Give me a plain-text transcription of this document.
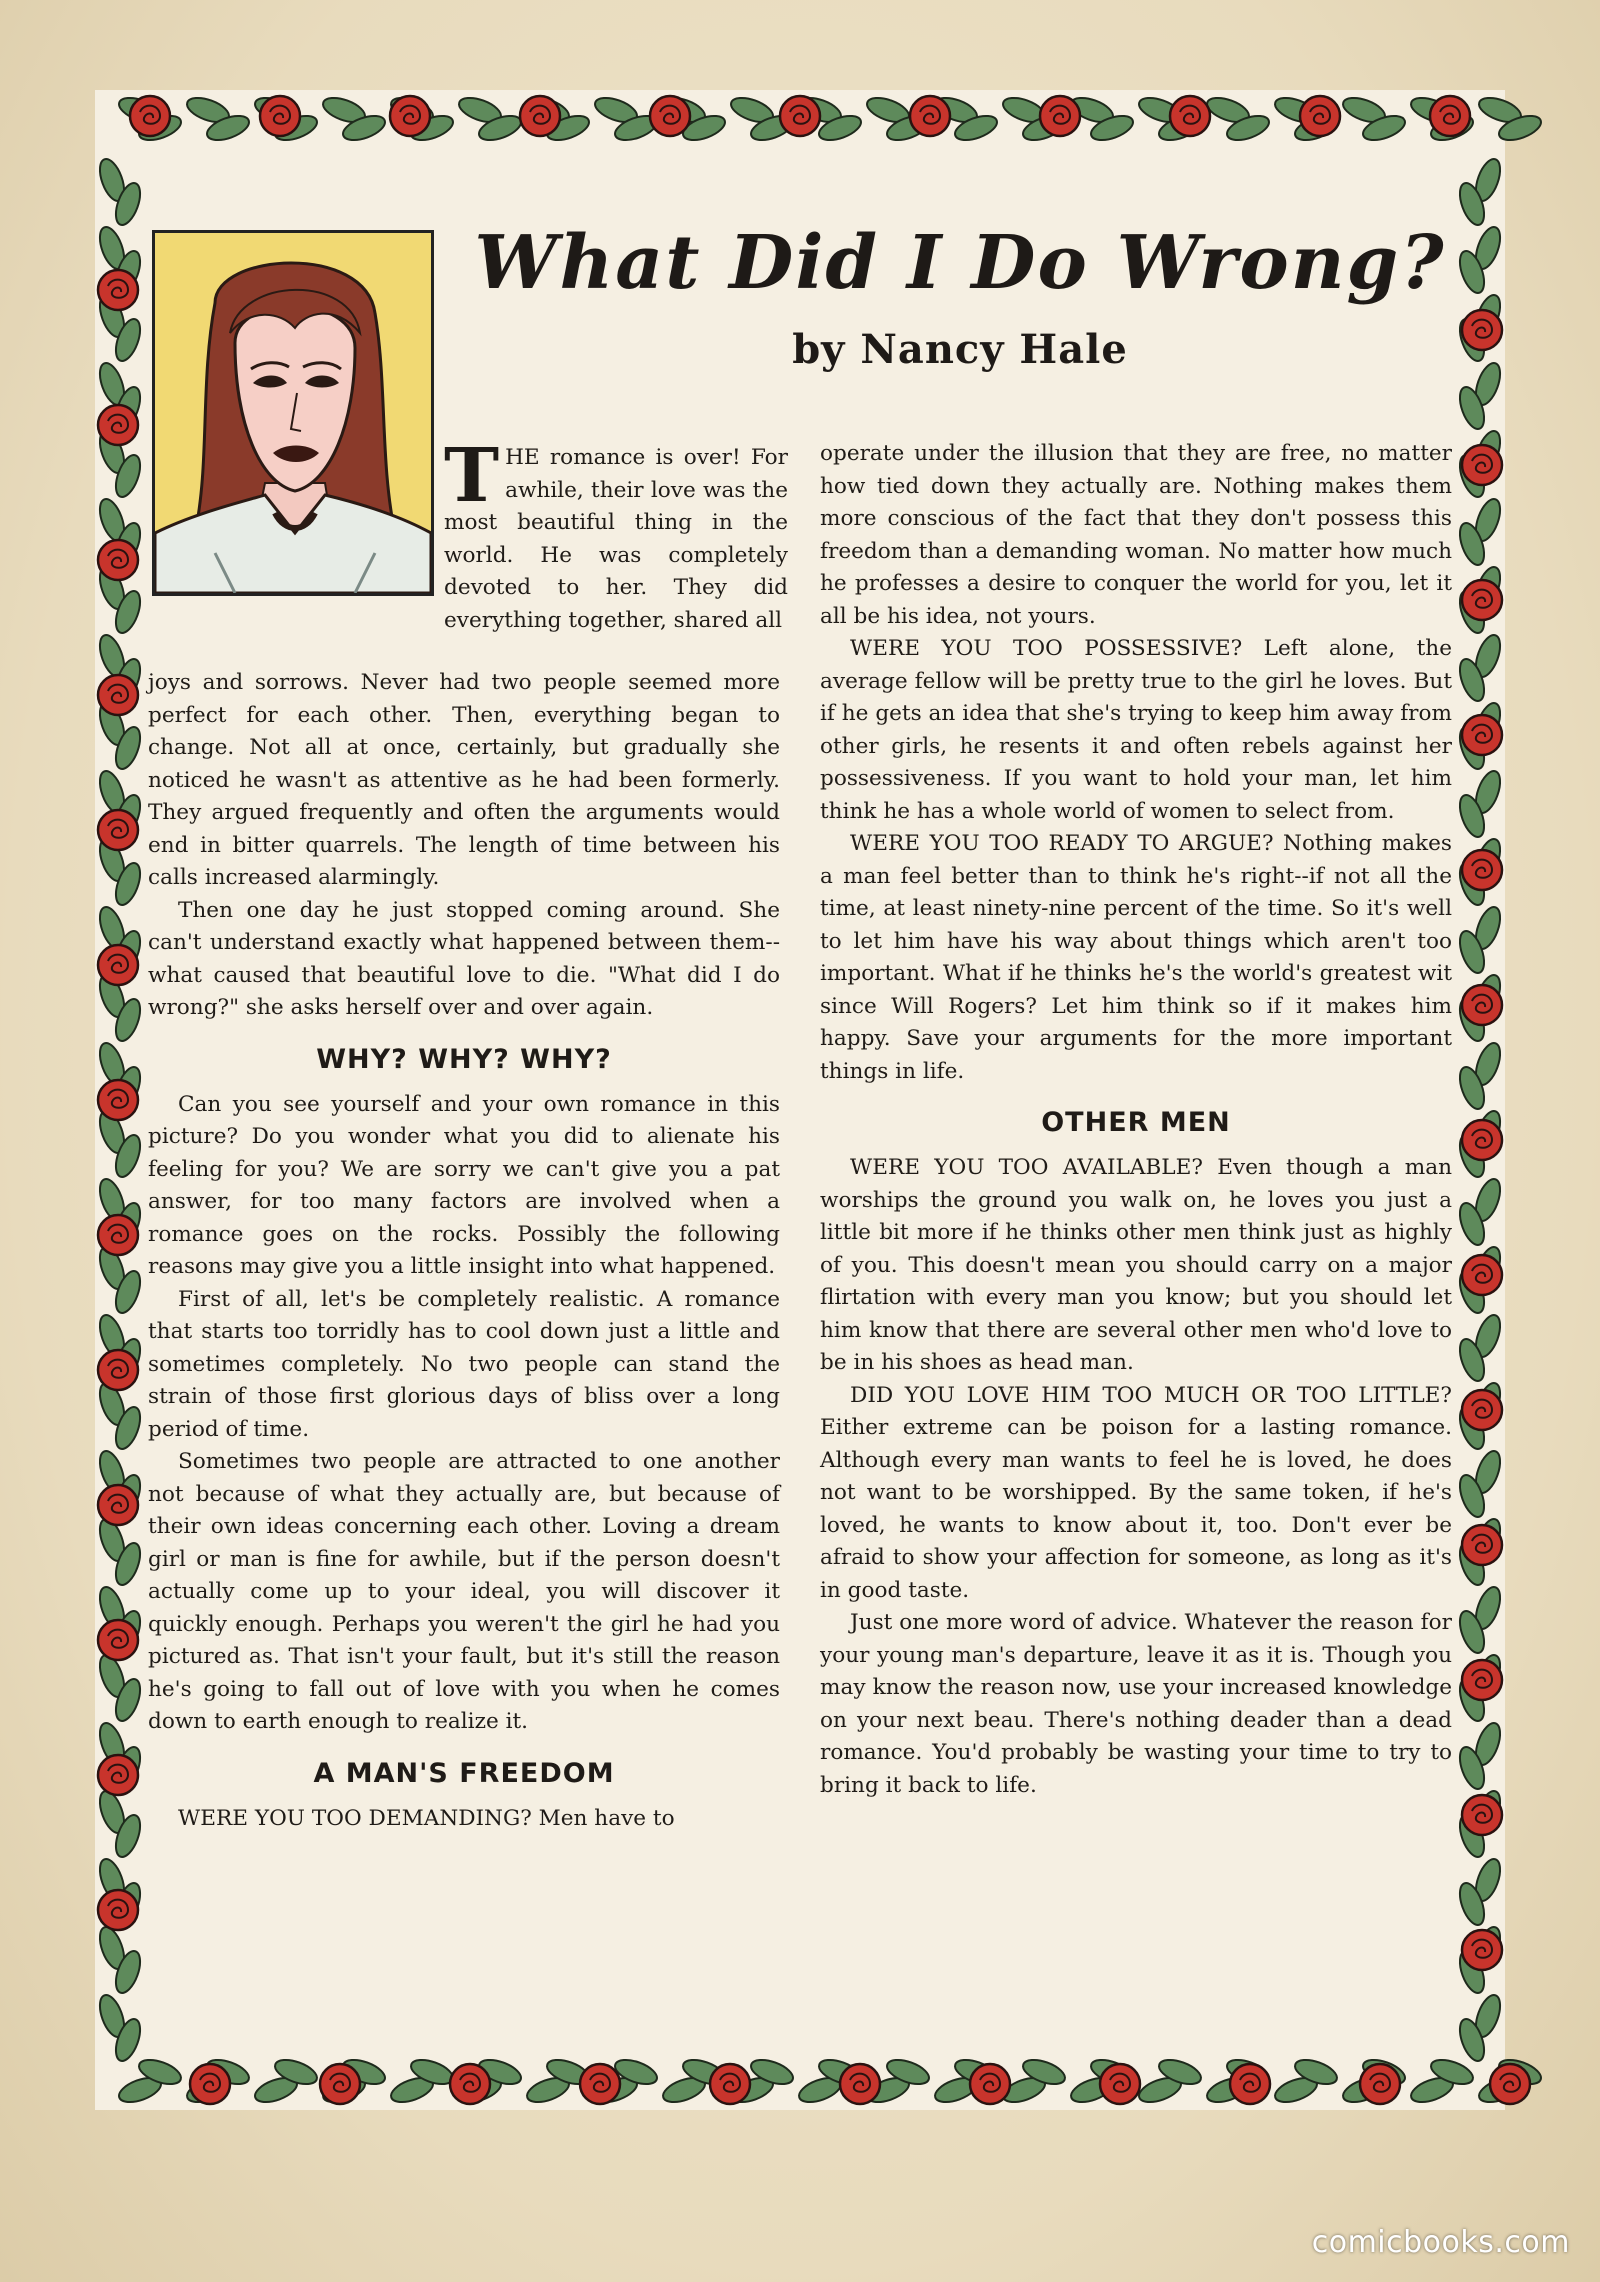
What Did I Do Wrong?
by Nancy Hale

THE romance is over! For awhile, their love was the most beautiful thing in the world. He was completely devoted to her. They did everything together, shared all

joys and sorrows. Never had two people seemed more perfect for each other. Then, everything began to change. Not all at once, certainly, but gradually she noticed he wasn't as attentive as he had been formerly. They argued frequently and often the arguments would end in bitter quarrels. The length of time between his calls increased alarmingly.

Then one day he just stopped coming around. She can't understand exactly what happened between them--what caused that beautiful love to die. "What did I do wrong?" she asks herself over and over again.

WHY? WHY? WHY?

Can you see yourself and your own romance in this picture? Do you wonder what you did to alienate his feeling for you? We are sorry we can't give you a pat answer, for too many factors are involved when a romance goes on the rocks. Possibly the following reasons may give you a little insight into what happened.

First of all, let's be completely realistic. A romance that starts too torridly has to cool down just a little and sometimes completely. No two people can stand the strain of those first glorious days of bliss over a long period of time.

Sometimes two people are attracted to one another not because of what they actually are, but because of their own ideas concerning each other. Loving a dream girl or man is fine for awhile, but if the person doesn't actually come up to your ideal, you will discover it quickly enough. Perhaps you weren't the girl he had you pictured as. That isn't your fault, but it's still the reason he's going to fall out of love with you when he comes down to earth enough to realize it.

A MAN'S FREEDOM

WERE YOU TOO DEMANDING? Men have to

operate under the illusion that they are free, no matter how tied down they actually are. Nothing makes them more conscious of the fact that they don't possess this freedom than a demanding woman. No matter how much he professes a desire to conquer the world for you, let it all be his idea, not yours.

WERE YOU TOO POSSESSIVE? Left alone, the average fellow will be pretty true to the girl he loves. But if he gets an idea that she's trying to keep him away from other girls, he resents it and often rebels against her possessiveness. If you want to hold your man, let him think he has a whole world of women to select from.

WERE YOU TOO READY TO ARGUE? Nothing makes a man feel better than to think he's right--if not all the time, at least ninety-nine percent of the time. So it's well to let him have his way about things which aren't too important. What if he thinks he's the world's greatest wit since Will Rogers? Let him think so if it makes him happy. Save your arguments for the more important things in life.

OTHER MEN

WERE YOU TOO AVAILABLE? Even though a man worships the ground you walk on, he loves you just a little bit more if he thinks other men think just as highly of you. This doesn't mean you should carry on a major flirtation with every man you know; but you should let him know that there are several other men who'd love to be in his shoes as head man.

DID YOU LOVE HIM TOO MUCH OR TOO LITTLE? Either extreme can be poison for a lasting romance. Although every man wants to feel he is loved, he does not want to be worshipped. By the same token, if he's loved, he wants to know about it, too. Don't ever be afraid to show your affection for someone, as long as it's in good taste.

Just one more word of advice. Whatever the reason for your young man's departure, leave it as it is. Though you may know the reason now, use your increased knowledge on your next beau. There's nothing deader than a dead romance. You'd probably be wasting your time to try to bring it back to life.

comicbooks.com
